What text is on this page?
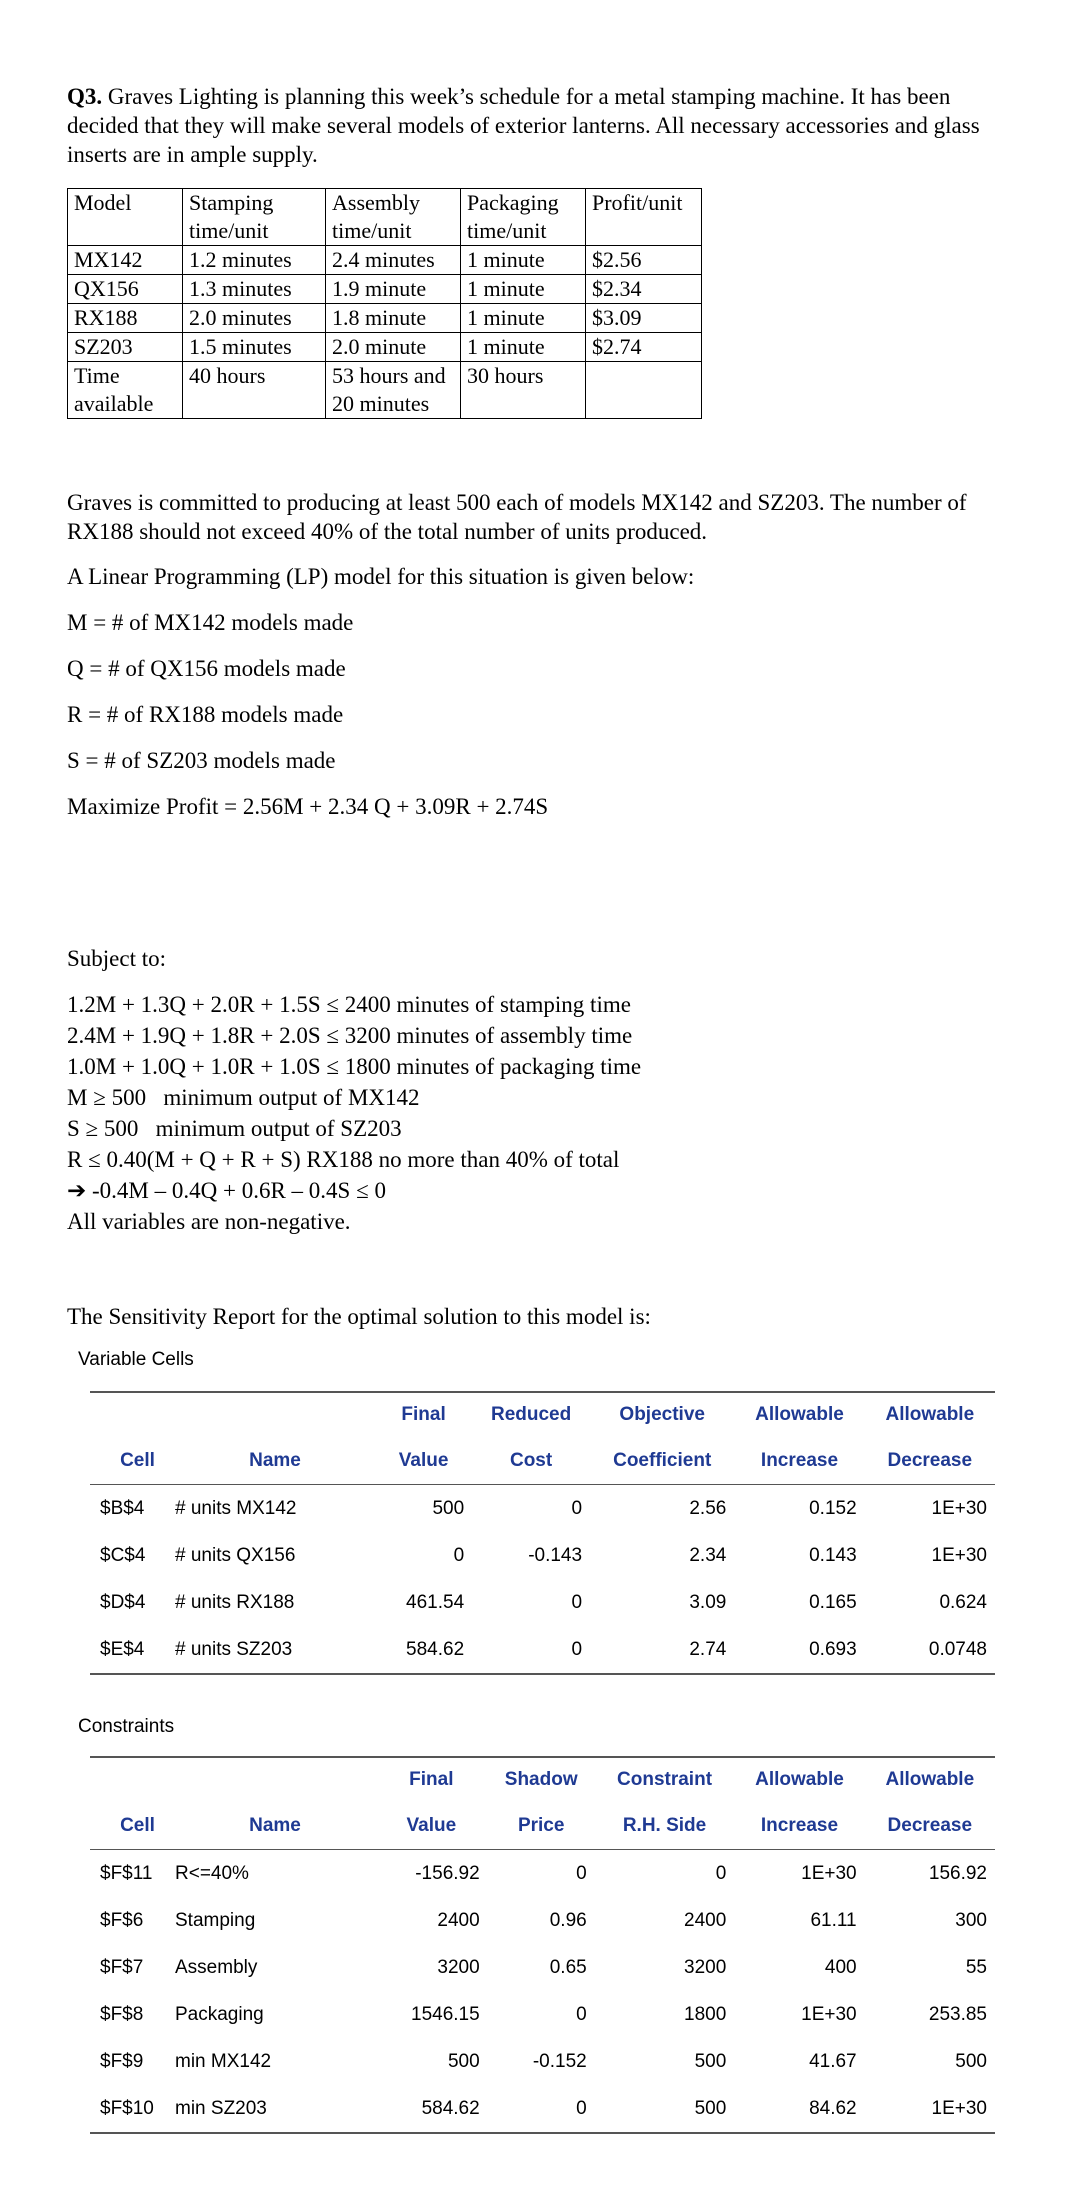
Q3. Graves Lighting is planning this week’s schedule for a metal stamping machine. It has been decided that they will make several models of exterior lanterns. All necessary accessories and glass inserts are in ample supply.
Model	Stamping time/unit	Assembly time/unit	Packaging time/unit	Profit/unit
MX142	1.2 minutes	2.4 minutes	1 minute	$2.56
QX156	1.3 minutes	1.9 minute	1 minute	$2.34
RX188	2.0 minutes	1.8 minute	1 minute	$3.09
SZ203	1.5 minutes	2.0 minute	1 minute	$2.74
Time available	40 hours	53 hours and 20 minutes	30 hours	
Graves is committed to producing at least 500 each of models MX142 and SZ203. The number of RX188 should not exceed 40% of the total number of units produced.
A Linear Programming (LP) model for this situation is given below:
M = # of MX142 models made
Q = # of QX156 models made
R = # of RX188 models made
S = # of SZ203 models made
Maximize Profit = 2.56M + 2.34 Q + 3.09R + 2.74S
Subject to:
1.2M + 1.3Q + 2.0R + 1.5S ≤ 2400 minutes of stamping time
2.4M + 1.9Q + 1.8R + 2.0S ≤ 3200 minutes of assembly time
1.0M + 1.0Q + 1.0R + 1.0S ≤ 1800 minutes of packaging time
M ≥ 500   minimum output of MX142
S ≥ 500   minimum output of SZ203
R ≤ 0.40(M + Q + R + S) RX188 no more than 40% of total
➔ -0.4M – 0.4Q + 0.6R – 0.4S ≤ 0
All variables are non-negative.
The Sensitivity Report for the optimal solution to this model is:
Variable Cells
		Final	Reduced	Objective	Allowable	Allowable
Cell	Name	Value	Cost	Coefficient	Increase	Decrease
$B$4	# units MX142	500	0	2.56	0.152	1E+30
$C$4	# units QX156	0	-0.143	2.34	0.143	1E+30
$D$4	# units RX188	461.54	0	3.09	0.165	0.624
$E$4	# units SZ203	584.62	0	2.74	0.693	0.0748
Constraints
		Final	Shadow	Constraint	Allowable	Allowable
Cell	Name	Value	Price	R.H. Side	Increase	Decrease
$F$11	R<=40%	-156.92	0	0	1E+30	156.92
$F$6	Stamping	2400	0.96	2400	61.11	300
$F$7	Assembly	3200	0.65	3200	400	55
$F$8	Packaging	1546.15	0	1800	1E+30	253.85
$F$9	min MX142	500	-0.152	500	41.67	500
$F$10	min SZ203	584.62	0	500	84.62	1E+30
